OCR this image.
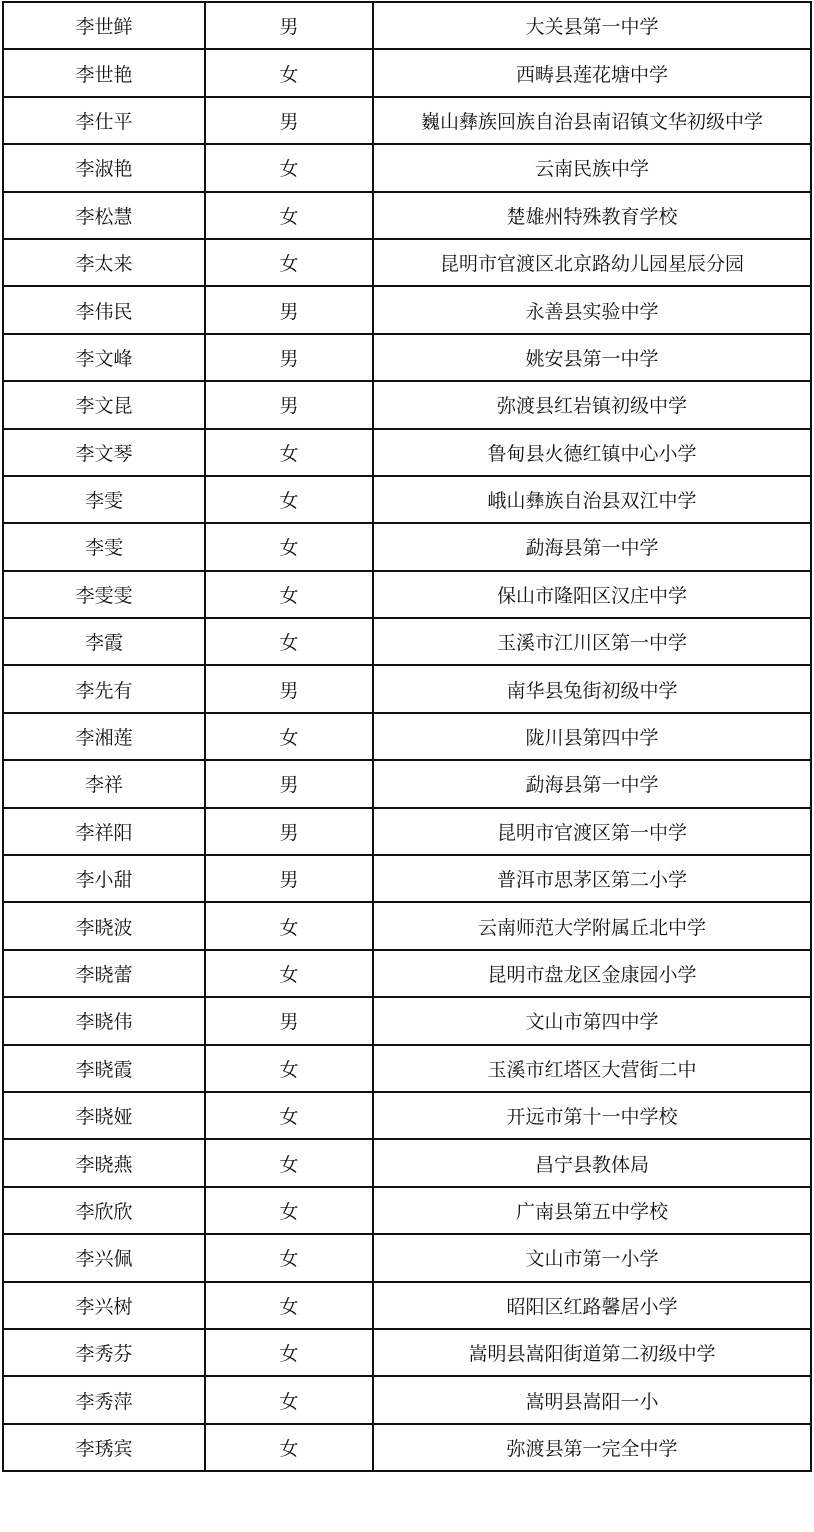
李世鲜	男	大关县第一中学
李世艳	女	西畴县莲花塘中学
李仕平	男	巍山彝族回族自治县南诏镇文华初级中学
李淑艳	女	云南民族中学
李松慧	女	楚雄州特殊教育学校
李太来	女	昆明市官渡区北京路幼儿园星辰分园
李伟民	男	永善县实验中学
李文峰	男	姚安县第一中学
李文昆	男	弥渡县红岩镇初级中学
李文琴	女	鲁甸县火德红镇中心小学
李雯	女	峨山彝族自治县双江中学
李雯	女	勐海县第一中学
李雯雯	女	保山市隆阳区汉庄中学
李霞	女	玉溪市江川区第一中学
李先有	男	南华县兔街初级中学
李湘莲	女	陇川县第四中学
李祥	男	勐海县第一中学
李祥阳	男	昆明市官渡区第一中学
李小甜	男	普洱市思茅区第二小学
李晓波	女	云南师范大学附属丘北中学
李晓蕾	女	昆明市盘龙区金康园小学
李晓伟	男	文山市第四中学
李晓霞	女	玉溪市红塔区大营街二中
李晓娅	女	开远市第十一中学校
李晓燕	女	昌宁县教体局
李欣欣	女	广南县第五中学校
李兴佩	女	文山市第一小学
李兴树	女	昭阳区红路馨居小学
李秀芬	女	嵩明县嵩阳街道第二初级中学
李秀萍	女	嵩明县嵩阳一小
李琇宾	女	弥渡县第一完全中学
